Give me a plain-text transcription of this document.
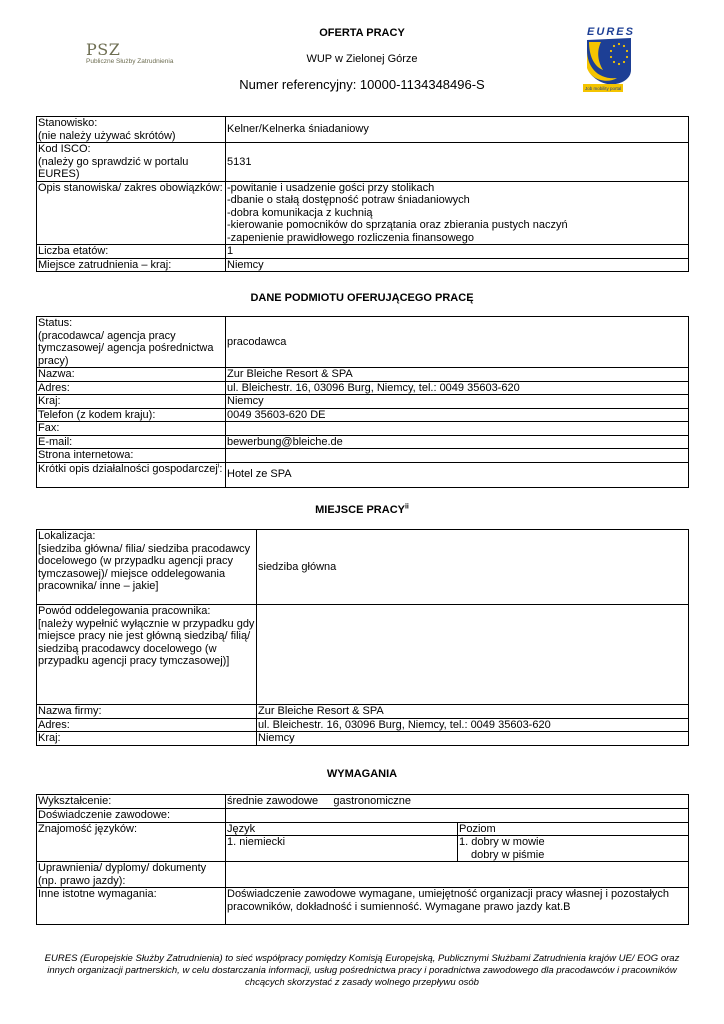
PSZ
Publiczne Służby Zatrudnienia
OFERTA PRACY
WUP w Zielonej Górze
Numer referencyjny: 10000-1134348496-S
EURES
Job mobility portal
Stanowisko:
(nie należy używać skrótów)	Kelner/Kelnerka śniadaniowy
Kod ISCO:
(należy go sprawdzić w portalu EURES)	5131
Opis stanowiska/ zakres obowiązków:	-powitanie i usadzenie gości przy stolikach
-dbanie o stałą dostępność potraw śniadaniowych
-dobra komunikacja z kuchnią
-kierowanie pomocników do sprzątania oraz zbierania pustych naczyń
-zapenienie prawidłowego rozliczenia finansowego
Liczba etatów:	1
Miejsce zatrudnienia – kraj:	Niemcy
DANE PODMIOTU OFERUJĄCEGO PRACĘ
Status:
(pracodawca/ agencja pracy tymczasowej/ agencja pośrednictwa pracy)	pracodawca
Nazwa:	Zur Bleiche Resort & SPA
Adres:	ul. Bleichestr. 16, 03096 Burg, Niemcy, tel.: 0049 35603-620
Kraj:	Niemcy
Telefon (z kodem kraju):	0049 35603-620 DE
Fax:	
E-mail:	bewerbung@bleiche.de
Strona internetowa:	
Krótki opis działalności gospodarczej$^i$:	Hotel ze SPA
MIEJSCE PRACY$^{ii}$
Lokalizacja:
[siedziba główna/ filia/ siedziba pracodawcy docelowego (w przypadku agencji pracy tymczasowej)/ miejsce oddelegowania pracownika/ inne – jakie]	siedziba główna
Powód oddelegowania pracownika:
[należy wypełnić wyłącznie w przypadku gdy miejsce pracy nie jest główną siedzibą/ filią/ siedzibą pracodawcy docelowego (w przypadku agencji pracy tymczasowej)]	
Nazwa firmy:	Zur Bleiche Resort & SPA
Adres:	ul. Bleichestr. 16, 03096 Burg, Niemcy, tel.: 0049 35603-620
Kraj:	Niemcy
WYMAGANIA
Wykształcenie:	średnie zawodowe     gastronomiczne	
Doświadczenie zawodowe:		
Znajomość języków:	Język	Poziom
	1. niemiecki	1. dobry w mowie
dobry w piśmie

Uprawnienia/ dyplomy/ dokumenty (np. prawo jazdy):		
Inne istotne wymagania:	Doświadczenie zawodowe wymagane, umiejętność organizacji pracy własnej i pozostałych pracowników, dokładność i sumienność. Wymagane prawo jazdy kat.B	
EURES (Europejskie Służby Zatrudnienia) to sieć współpracy pomiędzy Komisją Europejską, Publicznymi Służbami Zatrudnienia krajów UE/ EOG oraz innych organizacji partnerskich, w celu dostarczania informacji, usług pośrednictwa pracy i poradnictwa zawodowego dla pracodawców i pracowników chcących skorzystać z zasady wolnego przepływu osób
